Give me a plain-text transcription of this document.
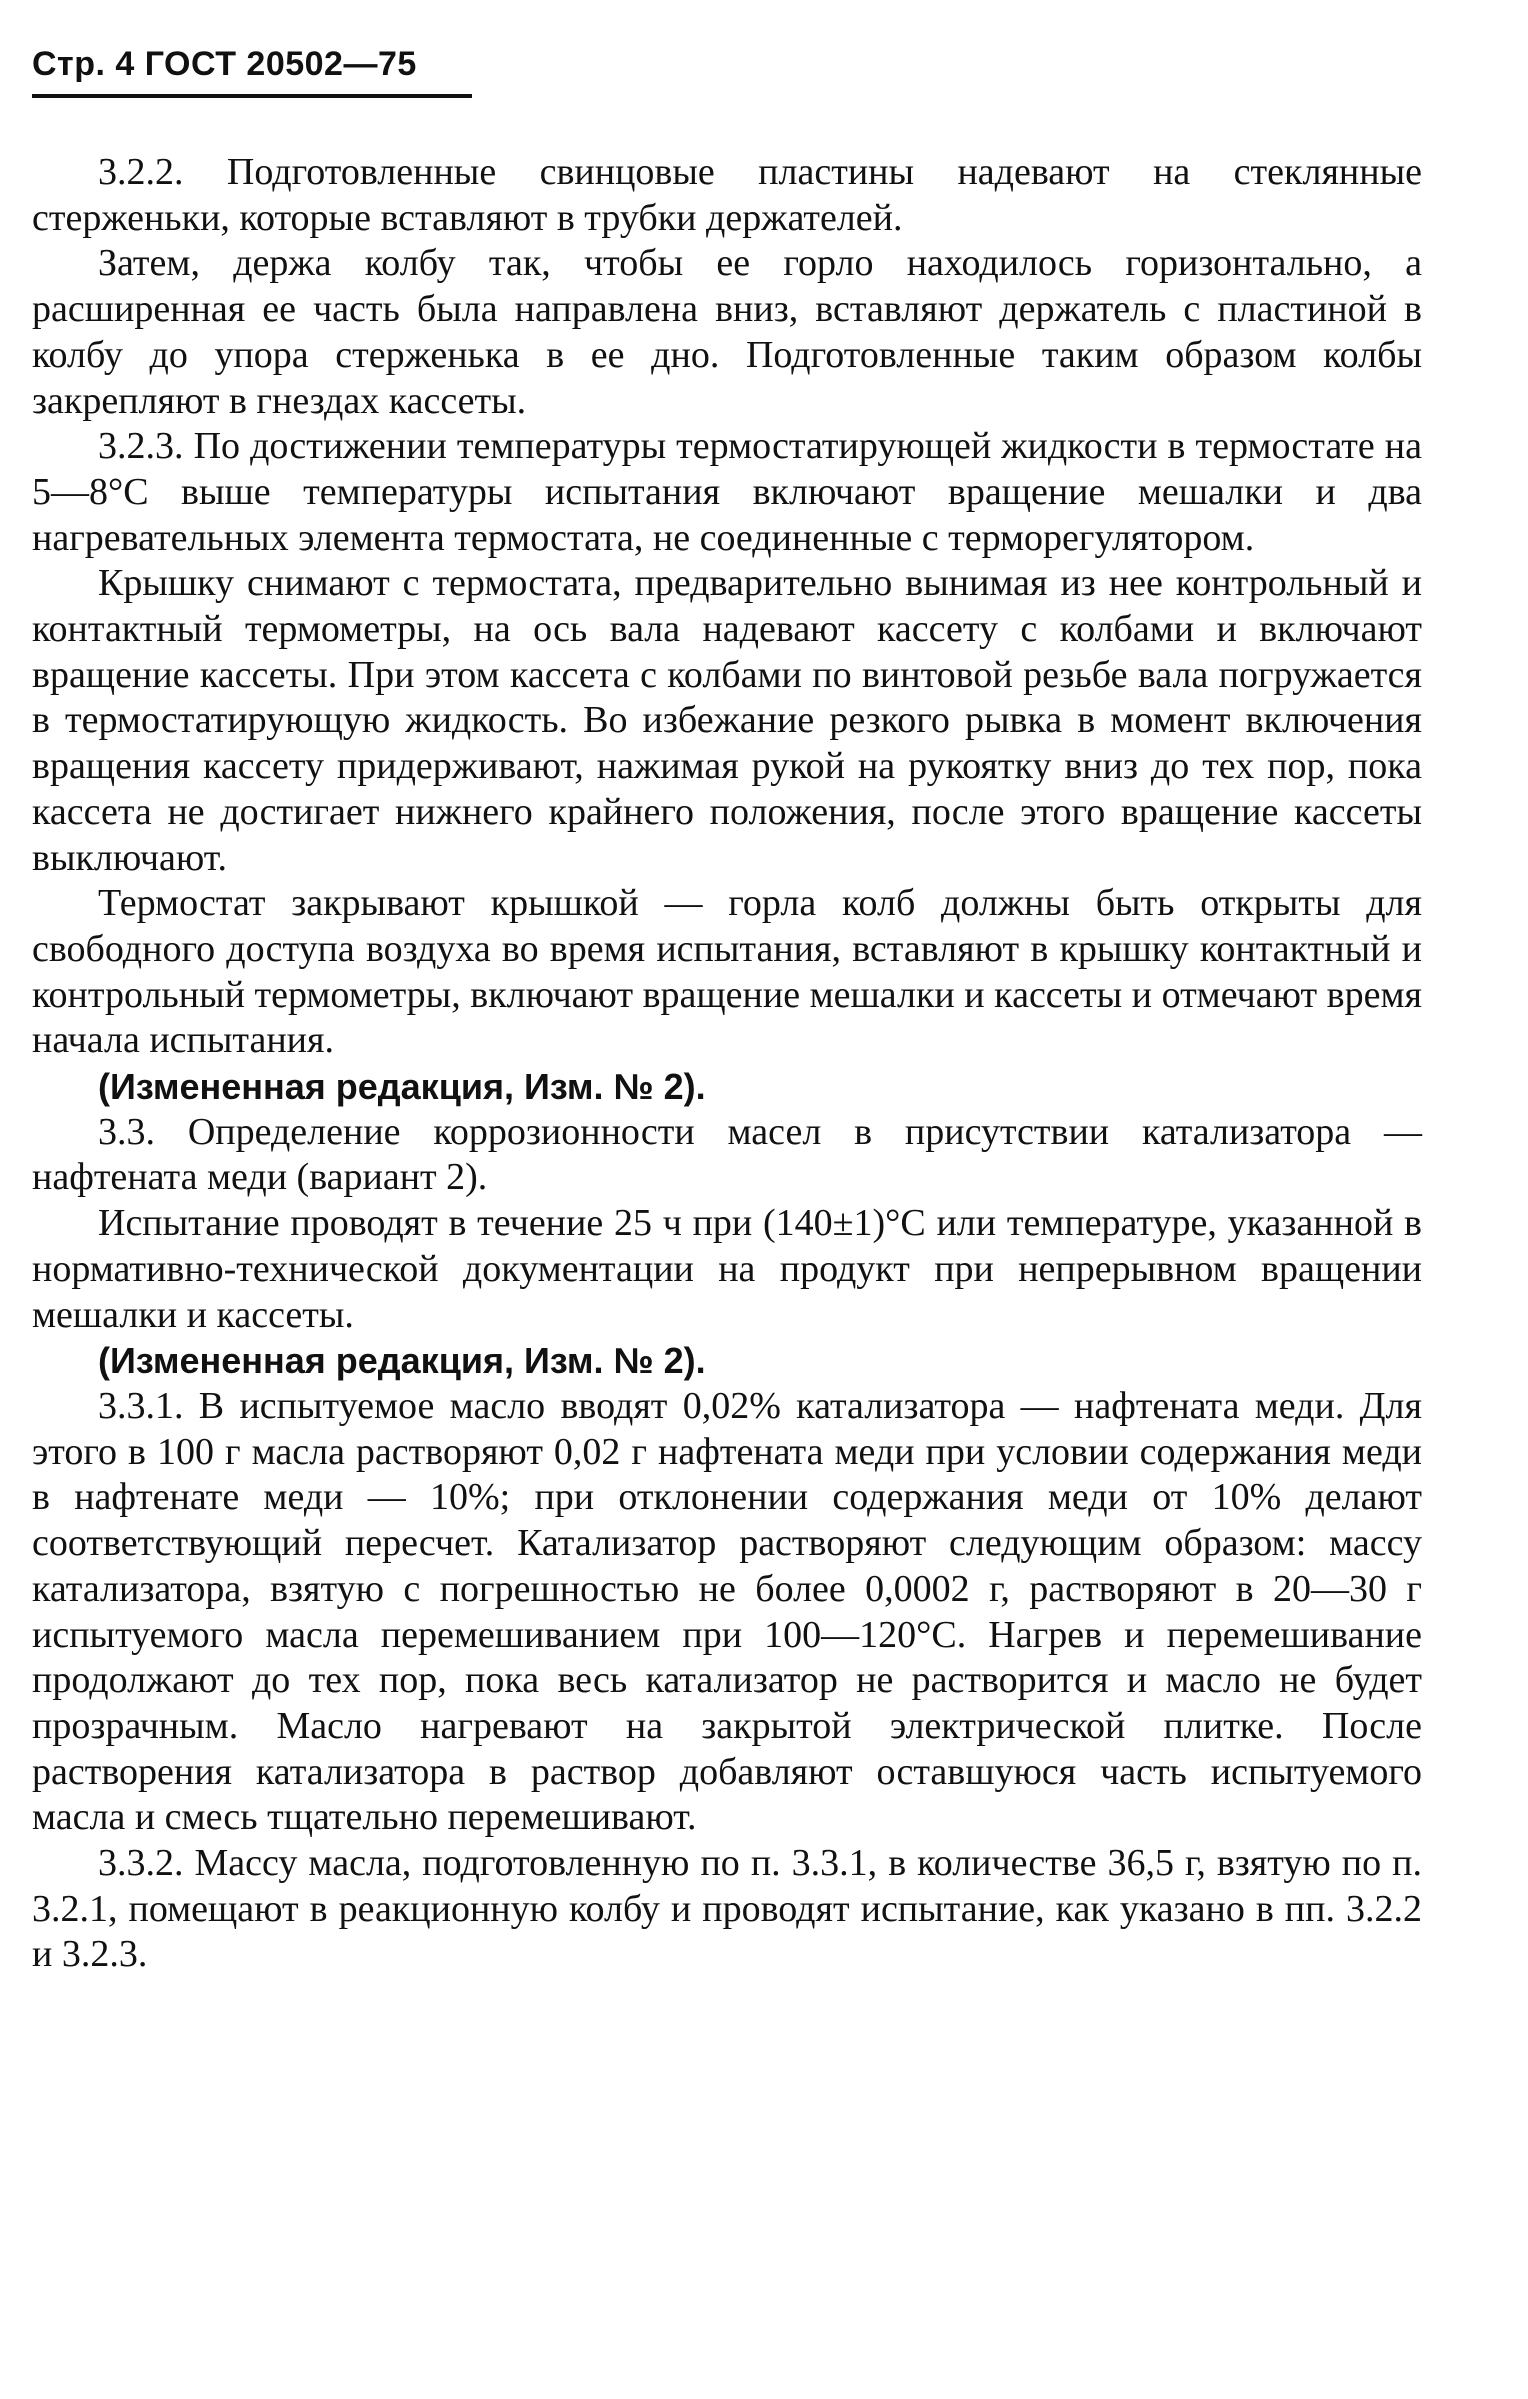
Стр. 4 ГОСТ 20502—75

3.2.2. Подготовленные свинцовые пластины надевают на стеклянные стерженьки, которые вставляют в трубки держателей.

Затем, держа колбу так, чтобы ее горло находилось горизонтально, а расширенная ее часть была направлена вниз, вставляют держатель с пластиной в колбу до упора стерженька в ее дно. Подготовленные таким образом колбы закрепляют в гнездах кассеты.

3.2.3. По достижении температуры термостатирующей жидкости в термостате на 5—8°С выше температуры испытания включают вращение мешалки и два нагревательных элемента термостата, не соединенные с терморегулятором.

Крышку снимают с термостата, предварительно вынимая из нее контрольный и контактный термометры, на ось вала надевают кассету с колбами и включают вращение кассеты. При этом кассета с колбами по винтовой резьбе вала погружается в термостатирующую жидкость. Во избежание резкого рывка в момент включения вращения кассету придерживают, нажимая рукой на рукоятку вниз до тех пор, пока кассета не достигает нижнего крайнего положения, после этого вращение кассеты выключают.

Термостат закрывают крышкой — горла колб должны быть открыты для свободного доступа воздуха во время испытания, вставляют в крышку контактный и контрольный термометры, включают вращение мешалки и кассеты и отмечают время начала испытания.

(Измененная редакция, Изм. № 2).

3.3. Определение коррозионности масел в присутствии катализатора — нафтената меди (вариант 2).

Испытание проводят в течение 25 ч при (140±1)°С или температуре, указанной в нормативно-технической документации на продукт при непрерывном вращении мешалки и кассеты.

(Измененная редакция, Изм. № 2).

3.3.1. В испытуемое масло вводят 0,02% катализатора — нафтената меди. Для этого в 100 г масла растворяют 0,02 г нафтената меди при условии содержания меди в нафтенате меди — 10%; при отклонении содержания меди от 10% делают соответствующий пересчет. Катализатор растворяют следующим образом: массу катализатора, взятую с погрешностью не более 0,0002 г, растворяют в 20—30 г испытуемого масла перемешиванием при 100—120°С. Нагрев и перемешивание продолжают до тех пор, пока весь катализатор не растворится и масло не будет прозрачным. Масло нагревают на закрытой электрической плитке. После растворения катализатора в раствор добавляют оставшуюся часть испытуемого масла и смесь тщательно перемешивают.

3.3.2. Массу масла, подготовленную по п. 3.3.1, в количестве 36,5 г, взятую по п. 3.2.1, помещают в реакционную колбу и проводят испытание, как указано в пп. 3.2.2 и 3.2.3.
